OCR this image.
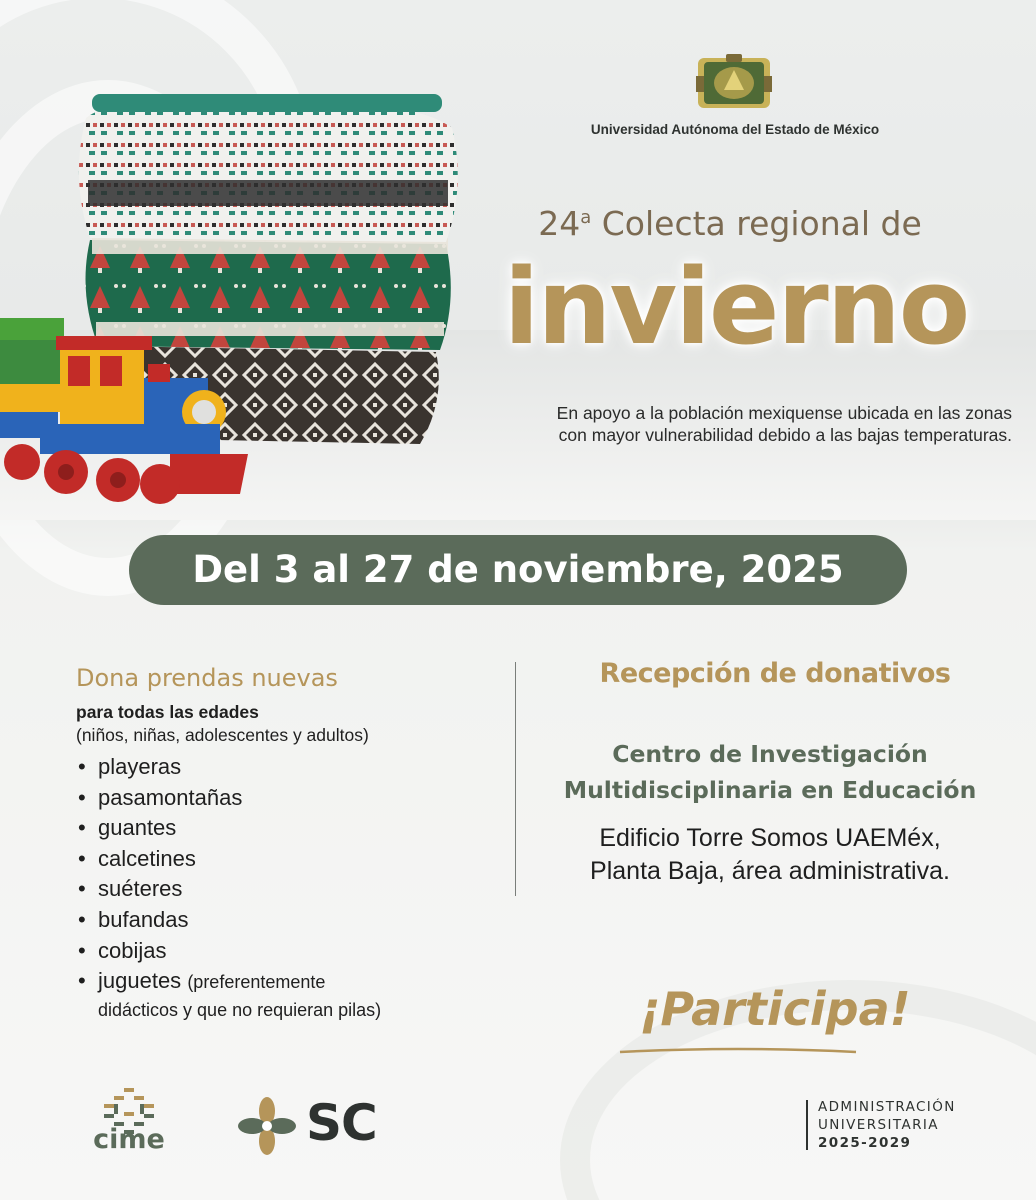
Universidad Autónoma del Estado de México
24$^a$ Colecta regional de
invierno
En apoyo a la población mexiquense ubicada en las zonas
con mayor vulnerabilidad debido a las bajas temperaturas.
Del 3 al 27 de noviembre, 2025
Dona prendas nuevas
para todas las edades
(niños, niñas, adolescentes y adultos)
• playeras
• pasamontañas
• guantes
• calcetines
• suéteres
• bufandas
• cobijas
• juguetes (preferentemente
didácticos y que no requieran pilas)
Recepción de donativos
Centro de Investigación
Multidisciplinaria en Educación
Edificio Torre Somos UAEMéx,
Planta Baja, área administrativa.
¡Participa!
cime	SC	ADMINISTRACIÓN
UNIVERSITARIA
2025-2029
